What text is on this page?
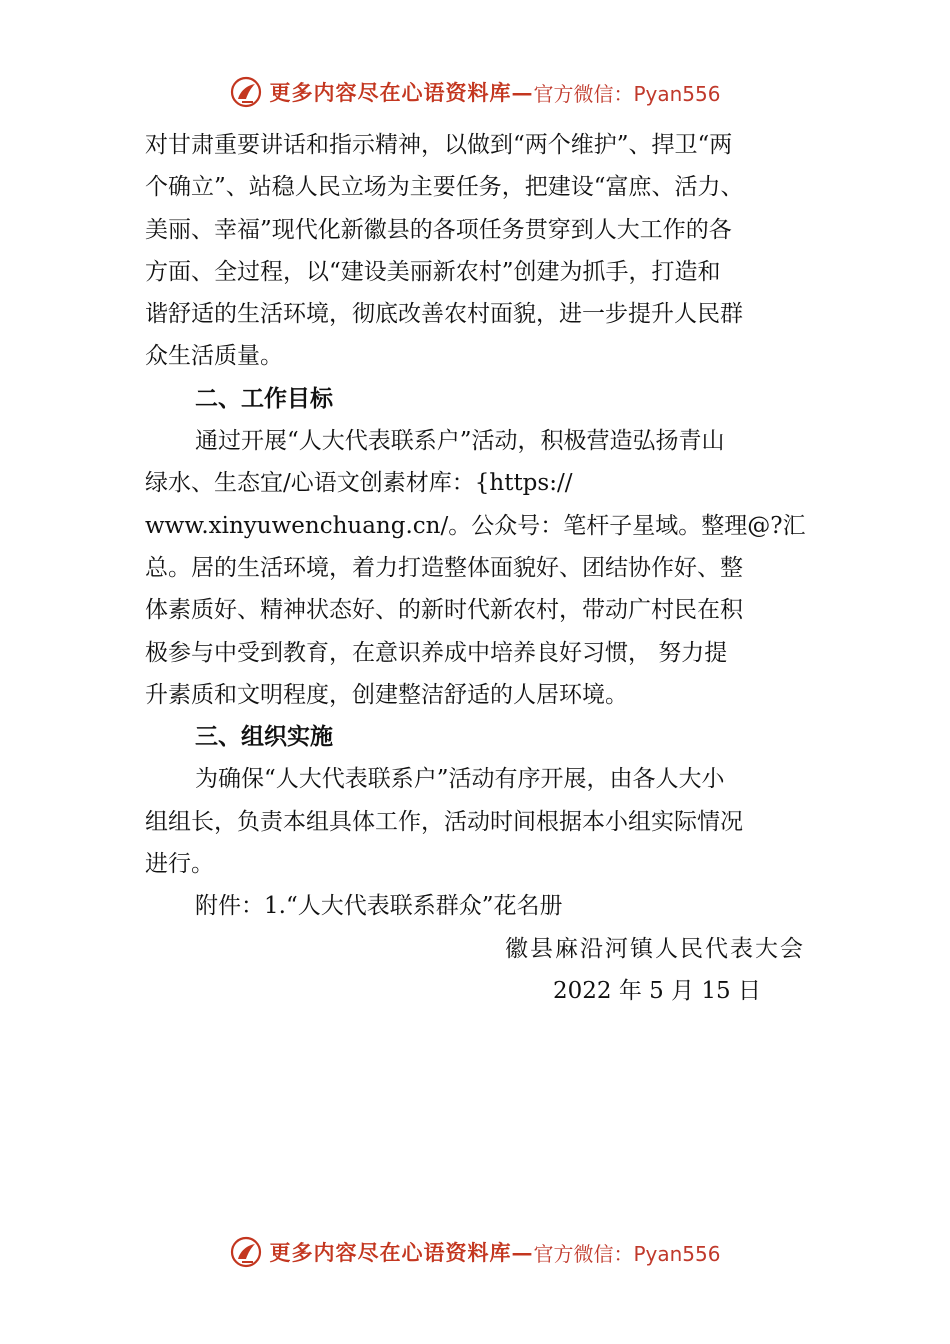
更多内容尽在心语资料库— 官方微信：Pyan556
对甘肃重要讲话和指示精神，以做到“两个维护”、捍卫“两
个确立”、站稳人民立场为主要任务，把建设“富庶、活力、
美丽、幸福”现代化新徽县的各项任务贯穿到人大工作的各
方面、全过程，以“建设美丽新农村”创建为抓手，打造和
谐舒适的生活环境，彻底改善农村面貌，进一步提升人民群
众生活质量。
二、工作目标
通过开展“人大代表联系户”活动，积极营造弘扬青山
绿水、生态宜/心语文创素材库：{https://
www.xinyuwenchuang.cn/。公众号：笔杆子星域。整理@?汇
总。居的生活环境，着力打造整体面貌好、团结协作好、整
体素质好、精神状态好、的新时代新农村，带动广村民在积
极参与中受到教育，在意识养成中培养良好习惯， 努力提
升素质和文明程度，创建整洁舒适的人居环境。
三、组织实施
为确保“人大代表联系户”活动有序开展，由各人大小
组组长，负责本组具体工作，活动时间根据本小组实际情况
进行。
附件：1.“人大代表联系群众”花名册
徽县麻沿河镇人民代表大会
2022 年 5 月 15 日
更多内容尽在心语资料库— 官方微信：Pyan556
